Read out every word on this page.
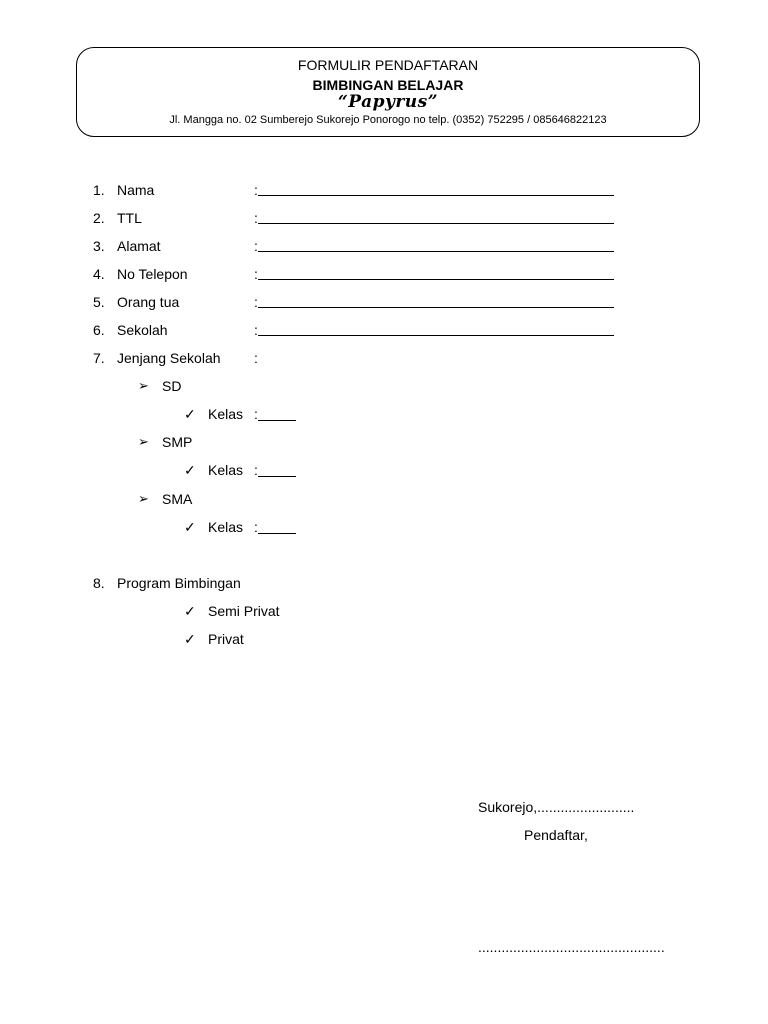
FORMULIR PENDAFTARAN
BIMBINGAN BELAJAR
“Papyrus”
Jl. Mangga no. 02 Sumberejo Sukorejo Ponorogo no telp. (0352) 752295 / 085646822123
1. Nama	:
2. TTL	:
3. Alamat	:
4. No Telepon	:
5. Orang tua	:
6. Sekolah	:
7. Jenjang Sekolah :
➢ SD
✓ Kelas :
➢ SMP
✓ Kelas :
➢ SMA
✓ Kelas :
8. Program Bimbingan
✓ Semi Privat
✓ Privat
Sukorejo,.........................
Pendaftar,
................................................
